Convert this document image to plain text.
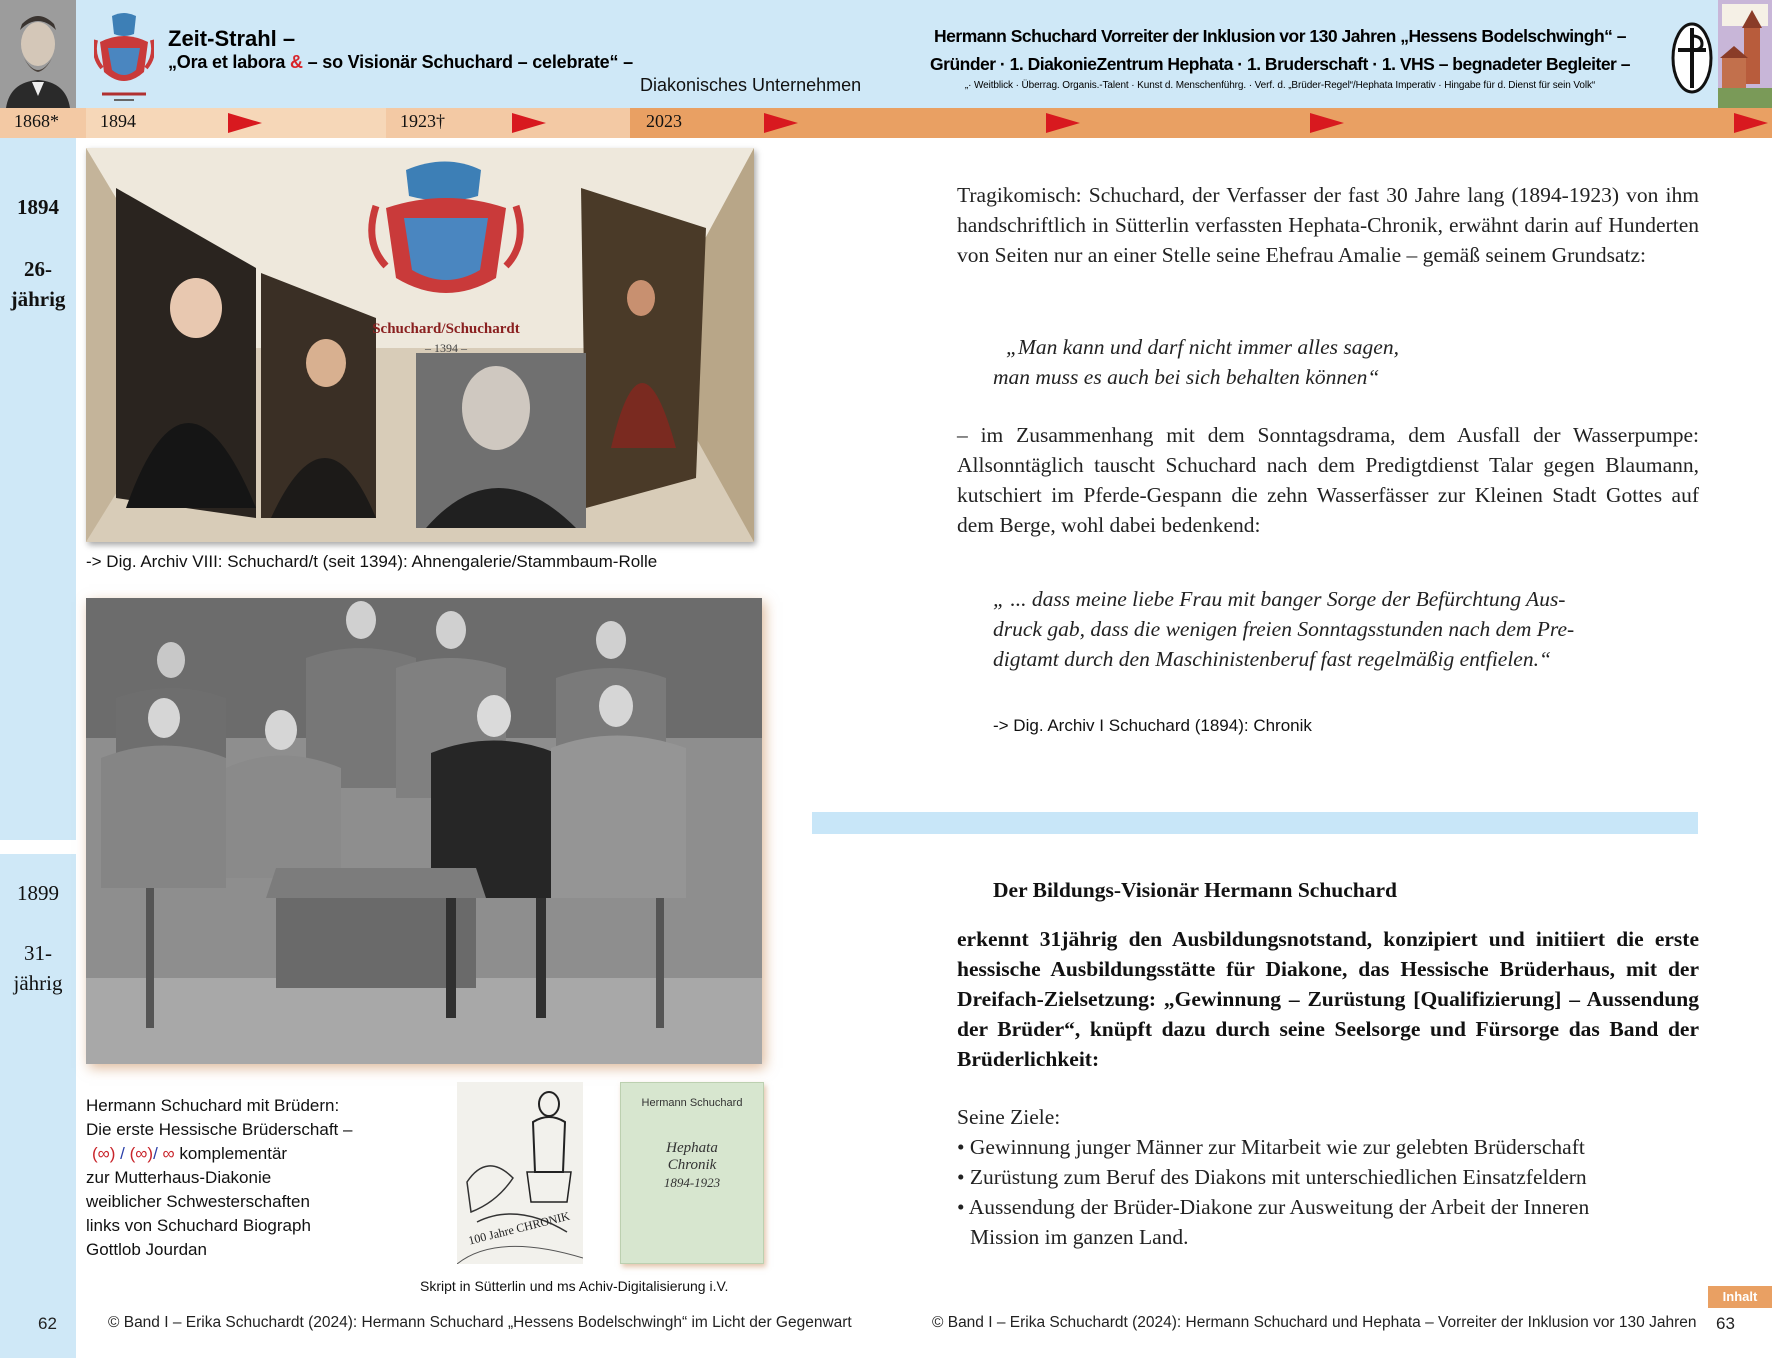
Zeit-Strahl –
„Ora et labora & – so Visionär Schuchard – celebrate“ –
Diakonisches Unternehmen
Hermann Schuchard Vorreiter der Inklusion vor 130 Jahren „Hessens Bodelschwingh“ –
Gründer · 1. DiakonieZentrum Hephata · 1. Bruderschaft · 1. VHS – begnadeter Begleiter –
„· Weitblick · Überrag. Organis.-Talent · Kunst d. Menschenführg. · Verf. d. „Brüder-Regel“/Hephata Imperativ · Hingabe für d. Dienst für sein Volk“
1868* 1894	1923†	2023
1894
26-
jährig
1899
31-
jährig
Schuchard/Schuchardt
– 1394 –
-> Dig. Archiv VIII: Schuchard/t (seit 1394): Ahnengalerie/Stammbaum-Rolle
Hermann Schuchard mit Brüdern:
Die erste Hessische Brüderschaft –
(∞) / (∞)/ ∞ komplementär
zur Mutterhaus-Diakonie
weiblicher Schwesterschaften
links von Schuchard Biograph
Gottlob Jourdan
100 Jahre CHRONIK
Hermann Schuchard
Hephata
Chronik
1894-1923
Skript in Sütterlin und ms Achiv-Digitalisierung i.V.
Tragikomisch: Schuchard, der Verfasser der fast 30 Jahre lang (1894-1923) von ihm handschriftlich in Sütterlin verfassten Hephata-Chronik, erwähnt darin auf Hunderten von Seiten nur an einer Stelle seine Ehefrau Amalie – gemäß seinem Grundsatz:
„Man kann und darf nicht immer alles sagen,
man muss es auch bei sich behalten können“
– im Zusammenhang mit dem Sonntagsdrama, dem Ausfall der Wasserpumpe: Allsonntäglich tauscht Schuchard nach dem Predigtdienst Talar gegen Blaumann, kutschiert im Pferde-Gespann die zehn Wasserfässer zur Kleinen Stadt Gottes auf dem Berge, wohl dabei bedenkend:
„ ... dass meine liebe Frau mit banger Sorge der Befürchtung Aus-
druck gab, dass die wenigen freien Sonntagsstunden nach dem Pre-
digtamt durch den Maschinistenberuf fast regelmäßig entfielen.“
-> Dig. Archiv I Schuchard (1894): Chronik
Der Bildungs-Visionär Hermann Schuchard
erkennt 31jährig den Ausbildungsnotstand, konzipiert und initiiert die erste hessische Ausbildungsstätte für Diakone, das Hessische Brüderhaus, mit der Dreifach-Zielsetzung: „Gewinnung – Zurüstung [Qualifizierung] – Aussendung der Brüder“, knüpft dazu durch seine Seelsorge und Fürsorge das Band der Brüderlichkeit:
Seine Ziele:
• Gewinnung junger Männer zur Mitarbeit wie zur gelebten Brüderschaft
• Zurüstung zum Beruf des Diakons mit unterschiedlichen Einsatzfeldern
• Aussendung der Brüder-Diakone zur Ausweitung der Arbeit der Inneren
Mission im ganzen Land.
Inhalt
62	© Band I – Erika Schuchardt (2024): Hermann Schuchard „Hessens Bodelschwingh“ im Licht der Gegenwart	© Band I – Erika Schuchardt (2024): Hermann Schuchard und Hephata – Vorreiter der Inklusion vor 130 Jahren 63
